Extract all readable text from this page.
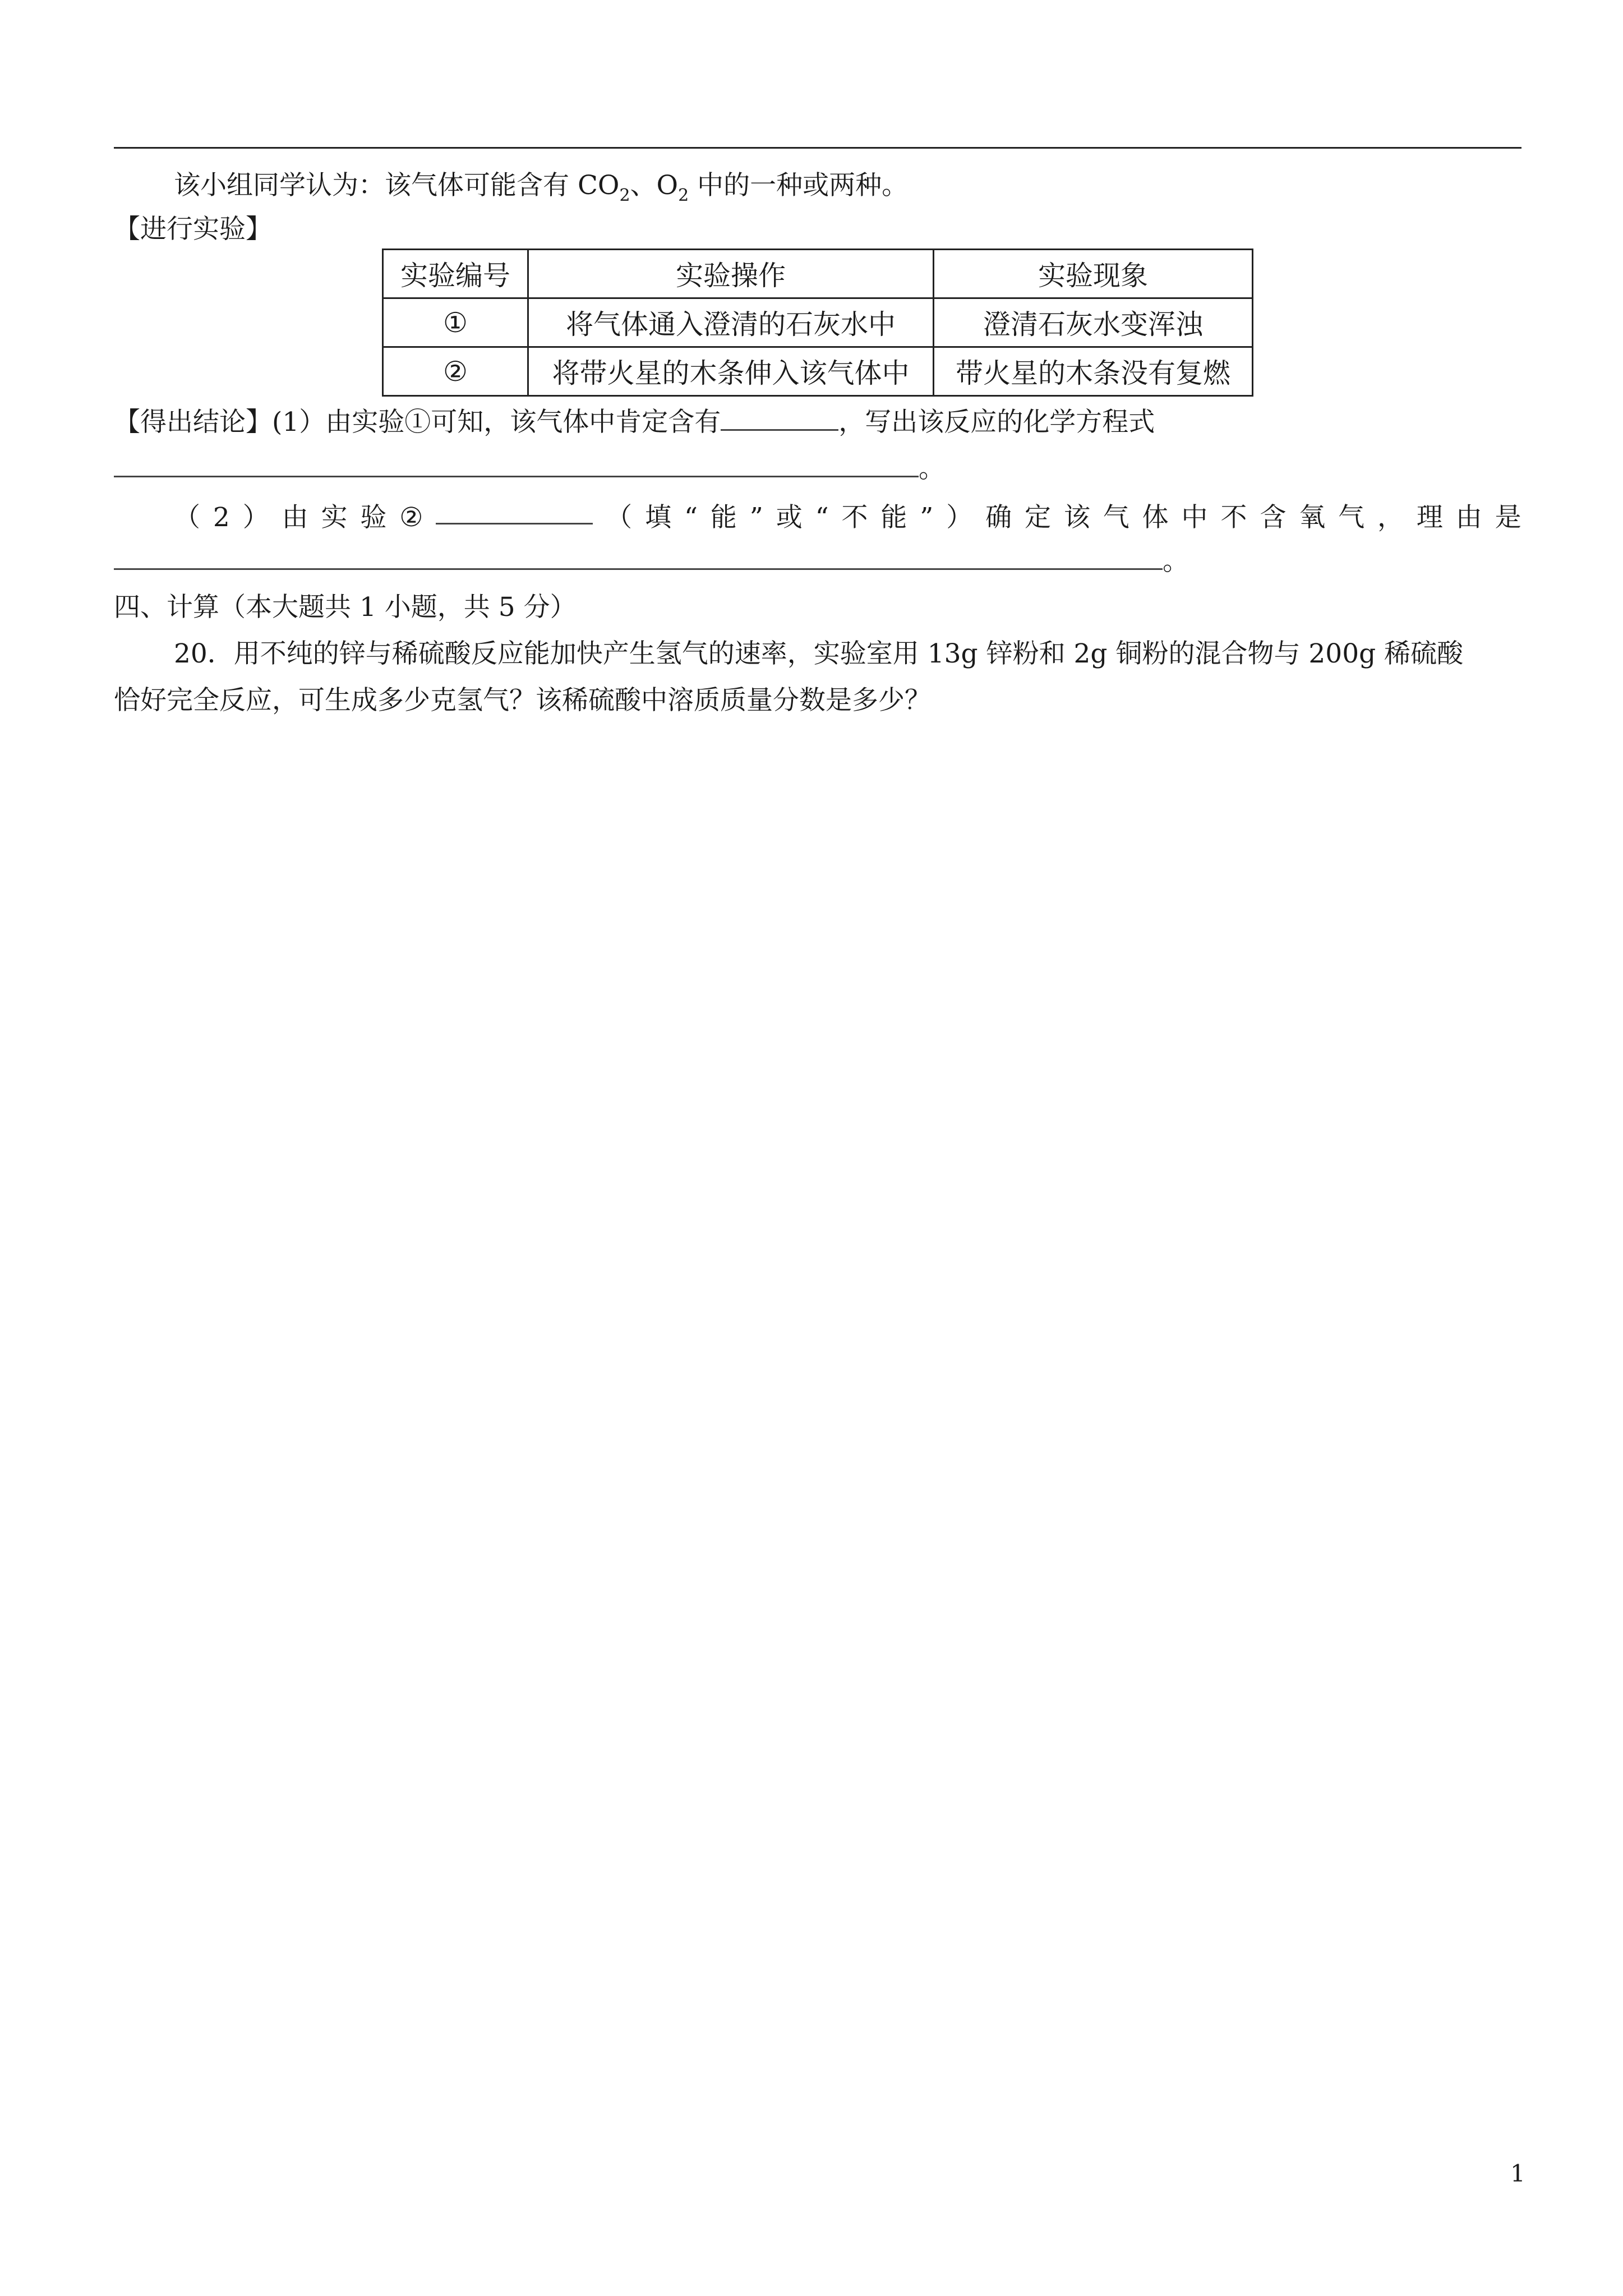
该小组同学认为：该气体可能含有 $CO_2$、$O_2$ 中的一种或两种。
【进行实验】
实验编号	实验操作	实验现象
①	将气体通入澄清的石灰水中	澄清石灰水变浑浊
②	将带火星的木条伸入该气体中	带火星的木条没有复燃
【得出结论】(1）由实验①可知，该气体中肯定含有	，写出该反应的化学方程式
。
（ 2 ） 由 实 验 ②	（ 填 “ 能 ” 或 “ 不 能 ” ） 确 定 该 气 体 中 不 含 氧 气 ， 理 由 是
。
四、计算（本大题共 1 小题，共 5 分）
20．用不纯的锌与稀硫酸反应能加快产生氢气的速率，实验室用 13g 锌粉和 2g 铜粉的混合物与 200g 稀硫酸
恰好完全反应，可生成多少克氢气？该稀硫酸中溶质质量分数是多少？
1
